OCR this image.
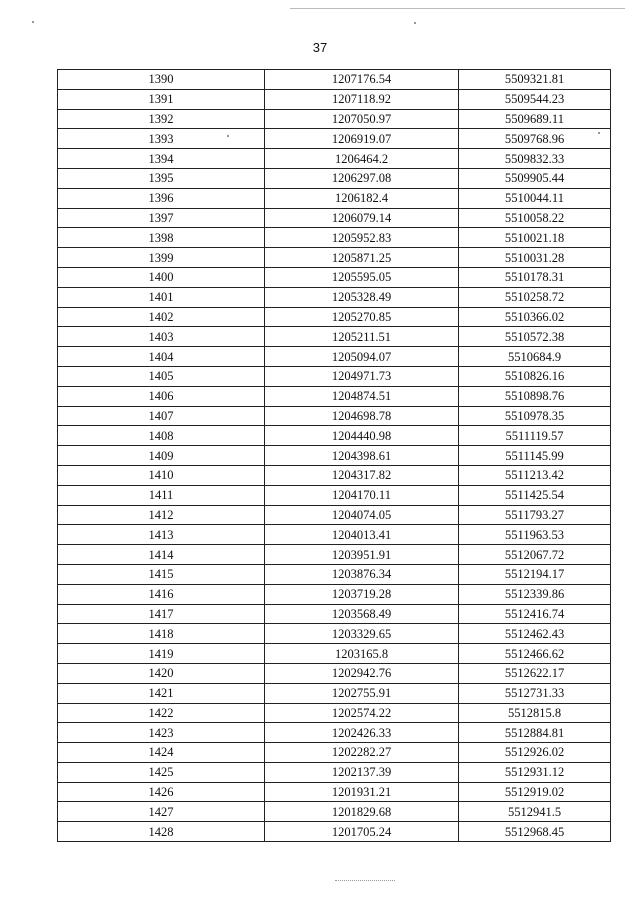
37
1390	1207176.54	5509321.81
1391	1207118.92	5509544.23
1392	1207050.97	5509689.11
1393	1206919.07	5509768.96
1394	1206464.2	5509832.33
1395	1206297.08	5509905.44
1396	1206182.4	5510044.11
1397	1206079.14	5510058.22
1398	1205952.83	5510021.18
1399	1205871.25	5510031.28
1400	1205595.05	5510178.31
1401	1205328.49	5510258.72
1402	1205270.85	5510366.02
1403	1205211.51	5510572.38
1404	1205094.07	5510684.9
1405	1204971.73	5510826.16
1406	1204874.51	5510898.76
1407	1204698.78	5510978.35
1408	1204440.98	5511119.57
1409	1204398.61	5511145.99
1410	1204317.82	5511213.42
1411	1204170.11	5511425.54
1412	1204074.05	5511793.27
1413	1204013.41	5511963.53
1414	1203951.91	5512067.72
1415	1203876.34	5512194.17
1416	1203719.28	5512339.86
1417	1203568.49	5512416.74
1418	1203329.65	5512462.43
1419	1203165.8	5512466.62
1420	1202942.76	5512622.17
1421	1202755.91	5512731.33
1422	1202574.22	5512815.8
1423	1202426.33	5512884.81
1424	1202282.27	5512926.02
1425	1202137.39	5512931.12
1426	1201931.21	5512919.02
1427	1201829.68	5512941.5
1428	1201705.24	5512968.45
